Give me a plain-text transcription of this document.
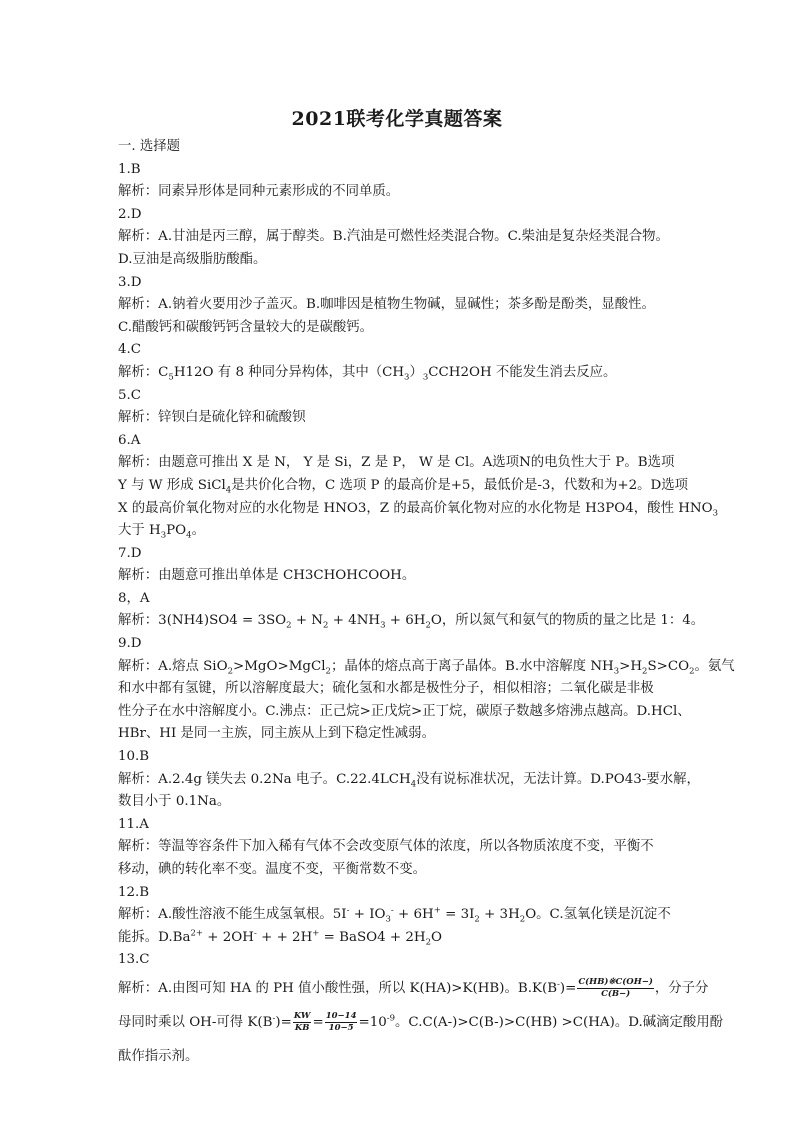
2021联考化学真题答案
一. 选择题
1.B
解析：同素异形体是同种元素形成的不同单质。
2.D
解析：A.甘油是丙三醇，属于醇类。B.汽油是可燃性烃类混合物。C.柴油是复杂烃类混合物。
D.豆油是高级脂肪酸酯。
3.D
解析：A.钠着火要用沙子盖灭。B.咖啡因是植物生物碱，显碱性；茶多酚是酚类，显酸性。
C.醋酸钙和碳酸钙钙含量较大的是碳酸钙。
4.C
解析：$C_5H12O$ 有 8 种同分异构体，其中$(CH_3)_3CCH2OH$ 不能发生消去反应。
5.C
解析：锌钡白是硫化锌和硫酸钡
6.A
解析：由题意可推出 X 是 N， Y 是 Si，Z 是 P， W 是 Cl。A选项N的电负性大于 P。B选项
Y 与 W 形成 SiCl$_4$是共价化合物，C 选项 P 的最高价是+5，最低价是-3，代数和为+2。D选项
X 的最高价氧化物对应的水化物是 HNO3，Z 的最高价氧化物对应的水化物是 H3PO4，酸性 $HNO_3$
大于 $H_3PO_4$。
7.D
解析：由题意可推出单体是 CH3CHOHCOOH。
8，A
解析：$3(NH4)SO4 = 3SO_2 + N_2 + 4NH_3 + 6H_2O$，所以氮气和氨气的物质的量之比是 1：4。
9.D
解析：A.熔点 SiO$_2$>MgO>MgCl$_2$；晶体的熔点高于离子晶体。B.水中溶解度 $NH_3>H_2S>CO_2$。氨气
和水中都有氢键，所以溶解度最大；硫化氢和水都是极性分子，相似相溶；二氧化碳是非极
性分子在水中溶解度小。C.沸点：正己烷>正戊烷>正丁烷，碳原子数越多熔沸点越高。D.HCl、
HBr、HI 是同一主族，同主族从上到下稳定性减弱。
10.B
解析：A.2.4g 镁失去 0.2Na 电子。$C.22.4LCH_4$没有说标准状况，无法计算。D.PO43-要水解，
数目小于 0.1Na。
11.A
解析：等温等容条件下加入稀有气体不会改变原气体的浓度，所以各物质浓度不变，平衡不
移动，碘的转化率不变。温度不变，平衡常数不变。
12.B
解析：A.酸性溶液不能生成氢氧根。$5I^- + IO_3^- + 6H^+ = 3I_2 + 3H_2O$。C.氢氧化镁是沉淀不
能拆。$D.Ba^{2+} + 2OH^-$ + + 2H+ = BaSO4 + $2H_2O$
13.C
解析：A.由图可知 HA 的 PH 值小酸性强，所以 K(HA)>K(HB)。$B.K(B^-)= \frac{C(HB)※C(OH-)}{C(B-)}$ ，分子分
母同时乘以 OH-可得 $K(B^-)= \frac{KW}{KB} = \frac{10-14}{10-5} =10^{-9}$。C.C(A-)>C(B-)>C(HB) >C(HA)。D.碱滴定酸用酚
酞作指示剂。
